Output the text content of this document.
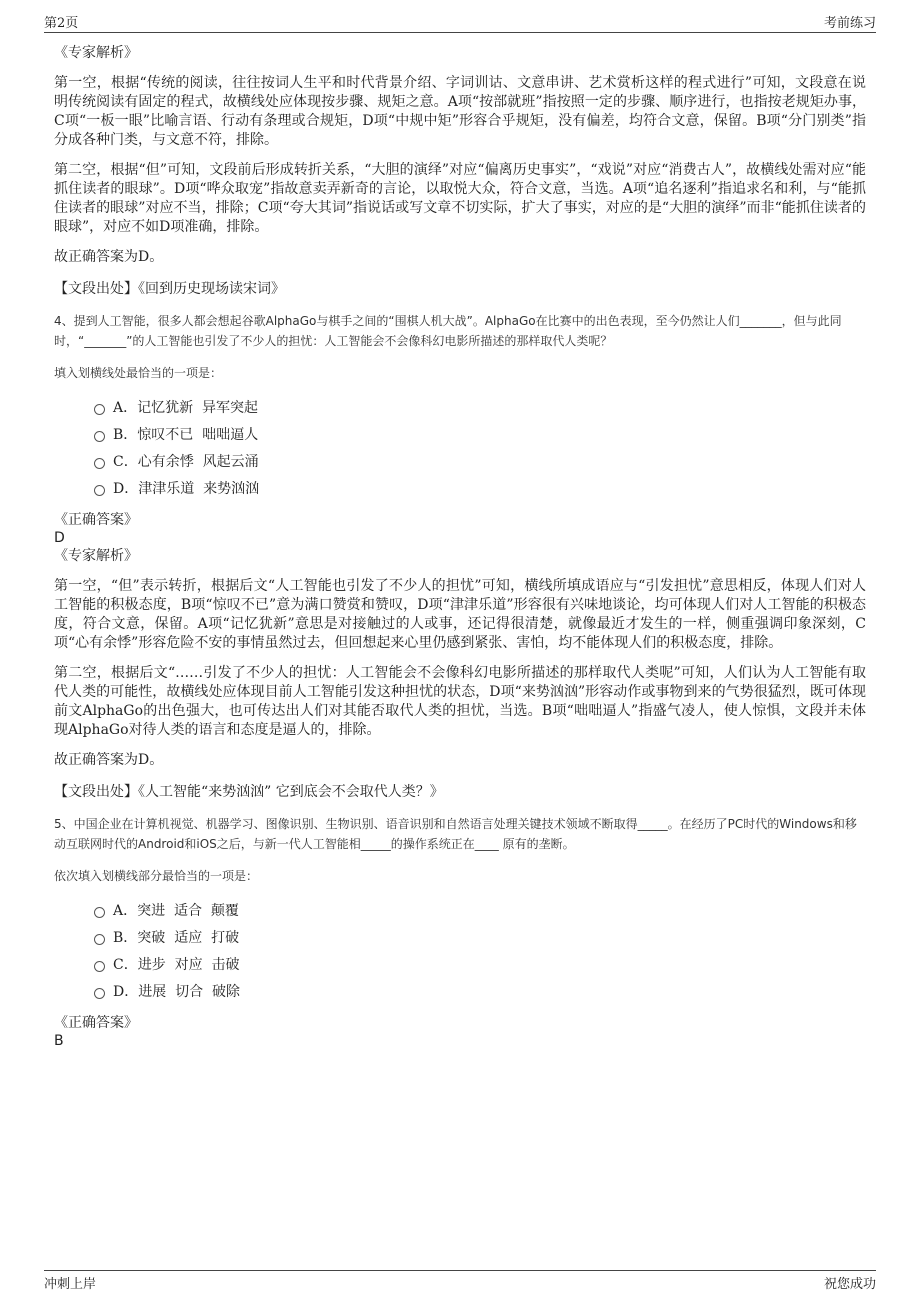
第2页	考前练习

《专家解析》

第一空，根据“传统的阅读，往往按词人生平和时代背景介绍、字词训诂、文意串讲、艺术赏析这样的程式进行”可知，文段意在说明传统阅读有固定的程式，故横线处应体现按步骤、规矩之意。A项“按部就班”指按照一定的步骤、顺序进行，也指按老规矩办事，C项“一板一眼”比喻言语、行动有条理或合规矩，D项“中规中矩”形容合乎规矩，没有偏差，均符合文意，保留。B项“分门别类”指分成各种门类，与文意不符，排除。

第二空，根据“但”可知，文段前后形成转折关系，“大胆的演绎”对应“偏离历史事实”，“戏说”对应“消费古人”，故横线处需对应“能抓住读者的眼球”。D项“哗众取宠”指故意卖弄新奇的言论，以取悦大众，符合文意，当选。A项“追名逐利”指追求名和利，与“能抓住读者的眼球”对应不当，排除；C项“夸大其词”指说话或写文章不切实际，扩大了事实，对应的是“大胆的演绎”而非“能抓住读者的眼球”，对应不如D项准确，排除。

故正确答案为D。

【文段出处】《回到历史现场读宋词》

4、提到人工智能，很多人都会想起谷歌AlphaGo与棋手之间的“围棋人机大战”。AlphaGo在比赛中的出色表现，至今仍然让人们_______，但与此同时，“_______”的人工智能也引发了不少人的担忧：人工智能会不会像科幻电影所描述的那样取代人类呢？

填入划横线处最恰当的一项是：

A． 记忆犹新  异军突起
B． 惊叹不已  咄咄逼人
C． 心有余悸  风起云涌
D． 津津乐道  来势汹汹

《正确答案》

D

《专家解析》

第一空，“但”表示转折，根据后文“人工智能也引发了不少人的担忧”可知，横线所填成语应与“引发担忧”意思相反，体现人们对人工智能的积极态度，B项“惊叹不已”意为满口赞赏和赞叹，D项“津津乐道”形容很有兴味地谈论，均可体现人们对人工智能的积极态度，符合文意，保留。A项“记忆犹新”意思是对接触过的人或事，还记得很清楚，就像最近才发生的一样，侧重强调印象深刻，C项“心有余悸”形容危险不安的事情虽然过去，但回想起来心里仍感到紧张、害怕，均不能体现人们的积极态度，排除。

第二空，根据后文“……引发了不少人的担忧：人工智能会不会像科幻电影所描述的那样取代人类呢”可知，人们认为人工智能有取代人类的可能性，故横线处应体现目前人工智能引发这种担忧的状态，D项“来势汹汹”形容动作或事物到来的气势很猛烈，既可体现前文AlphaGo的出色强大，也可传达出人们对其能否取代人类的担忧，当选。B项“咄咄逼人”指盛气凌人，使人惊惧，文段并未体现AlphaGo对待人类的语言和态度是逼人的，排除。

故正确答案为D。

【文段出处】《人工智能“来势汹汹” 它到底会不会取代人类？》

5、中国企业在计算机视觉、机器学习、图像识别、生物识别、语音识别和自然语言处理关键技术领域不断取得_____。在经历了PC时代的Windows和移动互联网时代的Android和iOS之后，与新一代人工智能相_____的操作系统正在____ 原有的垄断。

依次填入划横线部分最恰当的一项是：

A． 突进  适合  颠覆
B． 突破  适应  打破
C． 进步  对应  击破
D． 进展  切合  破除

《正确答案》

B

冲刺上岸	祝您成功
